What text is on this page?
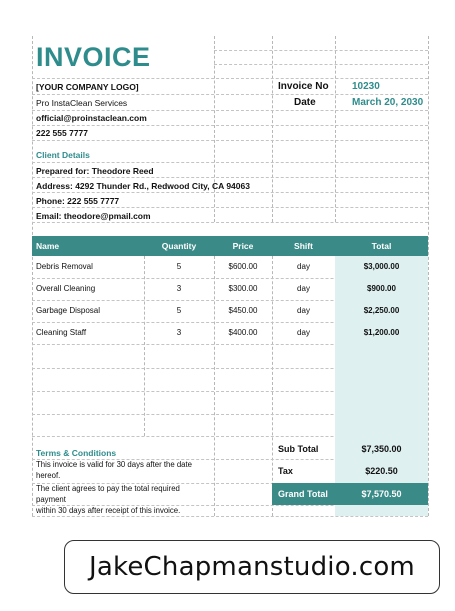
INVOICE
[YOUR COMPANY LOGO]
Pro InstaClean Services
official@proinstaclean.com
222 555 7777
Invoice No 10230
Date	March 20, 2030
Client Details
Prepared for: Theodore Reed
Address: 4292 Thunder Rd., Redwood City, CA 94063
Phone: 222 555 7777
Email: theodore@pmail.com
Name	Quantity	Price	Shift	Total
Debris Removal	5	$600.00	day	$3,000.00
Overall Cleaning	3	$300.00	day	$900.00
Garbage Disposal	5	$450.00	day	$2,250.00
Cleaning Staff	3	$400.00	day	$1,200.00
Terms & Conditions
This invoice is valid for 30 days after the date
hereof.
The client agrees to pay the total required
payment
within 30 days after receipt of this invoice.
Sub Total	$7,350.00
Tax	$220.50
Grand Total	$7,570.50
JakeChapmanstudio.com
